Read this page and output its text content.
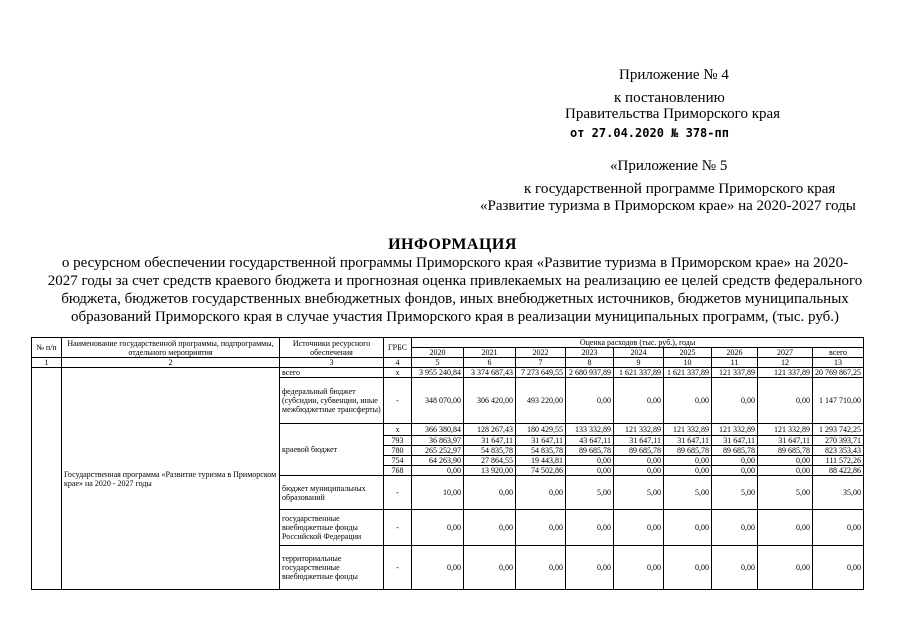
Приложение № 4
к постановлению
Правительства Приморского края
от 27.04.2020 № 378-пп
«Приложение № 5
к государственной программе Приморского края
«Развитие туризма в Приморском крае» на 2020-2027 годы
ИНФОРМАЦИЯ
о ресурсном обеспечении государственной программы Приморского края «Развитие туризма в Приморском крае» на 2020-
2027 годы за счет средств краевого бюджета и прогнозная оценка привлекаемых на реализацию ее целей средств федерального
бюджета, бюджетов государственных внебюджетных фондов, иных внебюджетных источников, бюджетов муниципальных
образований Приморского края в случае участия Приморского края в реализации муниципальных программ, (тыс. руб.)
№ п/п	Наименование государственной программы, подпрограммы, отдельного мероприятия	Источники ресурсного обеспечения	ГРБС	Оценка расходов (тыс. руб.), годы								
				2020	2021	2022	2023	2024	2025	2026	2027	всего
1	2	3	4	5	6	7	8	9	10	11	12	13
	Государственная программа «Развитие туризма в Приморском крае» на 2020 - 2027 годы	всего	x	3 955 240,84	3 374 687,43	7 273 649,55	2 680 937,89	1 621 337,89	1 621 337,89	121 337,89	121 337,89	20 769 867,25
		федеральный бюджет (субсидии, субвенции, иные межбюджетные трансферты)	-	348 070,00	306 420,00	493 220,00	0,00	0,00	0,00	0,00	0,00	1 147 710,00
		краевой бюджет	x	366 380,84	128 267,43	180 429,55	133 332,89	121 332,89	121 332,89	121 332,89	121 332,89	1 293 742,25
			793	36 863,97	31 647,11	31 647,11	43 647,11	31 647,11	31 647,11	31 647,11	31 647,11	270 393,71
			780	265 252,97	54 835,78	54 835,78	89 685,78	89 685,78	89 685,78	89 685,78	89 685,78	823 353,43
			754	64 263,90	27 864,55	19 443,81	0,00	0,00	0,00	0,00	0,00	111 572,26
			768	0,00	13 920,00	74 502,86	0,00	0,00	0,00	0,00	0,00	88 422,86
		бюджет муниципальных образований	-	10,00	0,00	0,00	5,00	5,00	5,00	5,00	5,00	35,00
		государственные внебюджетные фонды Российской Федерации	-	0,00	0,00	0,00	0,00	0,00	0,00	0,00	0,00	0,00
		территориальные государственные внебюджетные фонды	-	0,00	0,00	0,00	0,00	0,00	0,00	0,00	0,00	0,00
